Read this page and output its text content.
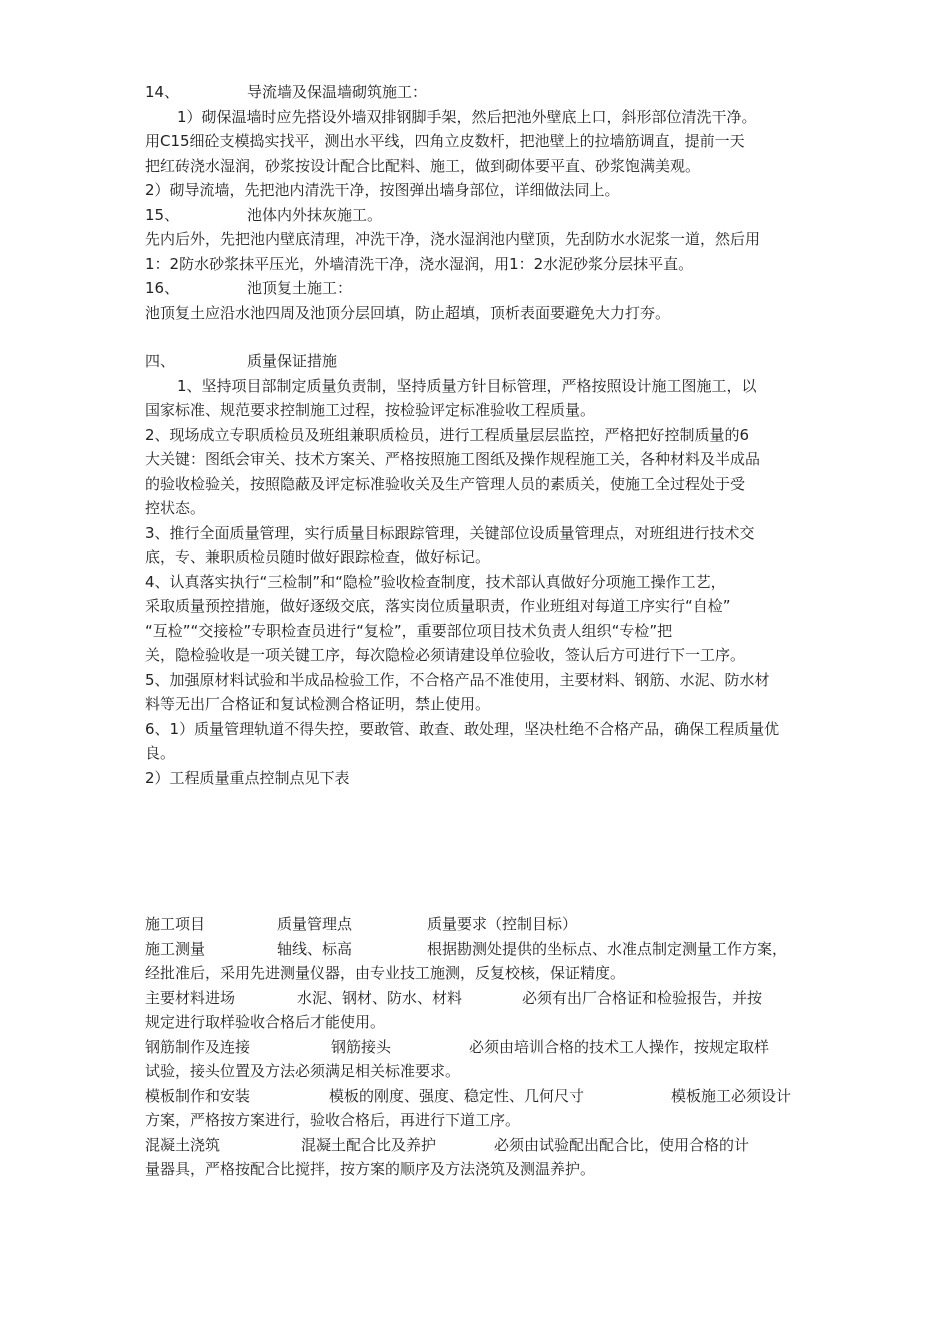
14、	导流墙及保温墙砌筑施工：
1）砌保温墙时应先搭设外墙双排钢脚手架，然后把池外壁底上口，斜形部位清洗干净。
用C15细砼支模捣实找平，测出水平线，四角立皮数杆，把池壁上的拉墙筋调直，提前一天
把红砖浇水湿润，砂浆按设计配合比配料、施工，做到砌体要平直、砂浆饱满美观。
2）砌导流墙，先把池内清洗干净，按图弹出墙身部位，详细做法同上。
15、	池体内外抹灰施工。
先内后外，先把池内壁底清理，冲洗干净，浇水湿润池内壁顶，先刮防水水泥浆一道，然后用
1：2防水砂浆抹平压光，外墙清洗干净，浇水湿润，用1：2水泥砂浆分层抹平直。
16、	池顶复土施工：
池顶复土应沿水池四周及池顶分层回填，防止超填，顶析表面要避免大力打夯。
四、	质量保证措施
1、坚持项目部制定质量负责制，坚持质量方针目标管理，严格按照设计施工图施工，以
国家标准、规范要求控制施工过程，按检验评定标准验收工程质量。
2、现场成立专职质检员及班组兼职质检员，进行工程质量层层监控，严格把好控制质量的6
大关键：图纸会审关、技术方案关、严格按照施工图纸及操作规程施工关，各种材料及半成品
的验收检验关，按照隐蔽及评定标准验收关及生产管理人员的素质关，使施工全过程处于受
控状态。
3、推行全面质量管理，实行质量目标跟踪管理，关键部位设质量管理点，对班组进行技术交
底，专、兼职质检员随时做好跟踪检查，做好标记。
4、认真落实执行“三检制”和“隐检”验收检查制度，技术部认真做好分项施工操作工艺，
采取质量预控措施，做好逐级交底，落实岗位质量职责，作业班组对每道工序实行“自检”
“互检”“交接检”专职检查员进行“复检”，重要部位项目技术负责人组织“专检”把
关，隐检验收是一项关键工序，每次隐检必须请建设单位验收，签认后方可进行下一工序。
5、加强原材料试验和半成品检验工作，不合格产品不准使用，主要材料、钢筋、水泥、防水材
料等无出厂合格证和复试检测合格证明，禁止使用。
6、1）质量管理轨道不得失控，要敢管、敢查、敢处理，坚决杜绝不合格产品，确保工程质量优
良。
2）工程质量重点控制点见下表
施工项目	质量管理点	质量要求（控制目标）
施工测量	轴线、标高	根据勘测处提供的坐标点、水准点制定测量工作方案，
经批准后，采用先进测量仪器，由专业技工施测，反复校核，保证精度。
主要材料进场	水泥、钢材、防水、材料	必须有出厂合格证和检验报告，并按
规定进行取样验收合格后才能使用。
钢筋制作及连接	钢筋接头	必须由培训合格的技术工人操作，按规定取样
试验，接头位置及方法必须满足相关标准要求。
模板制作和安装	模板的刚度、强度、稳定性、几何尺寸	模板施工必须设计
方案，严格按方案进行，验收合格后，再进行下道工序。
混凝土浇筑	混凝土配合比及养护	必须由试验配出配合比，使用合格的计
量器具，严格按配合比搅拌，按方案的顺序及方法浇筑及测温养护。
